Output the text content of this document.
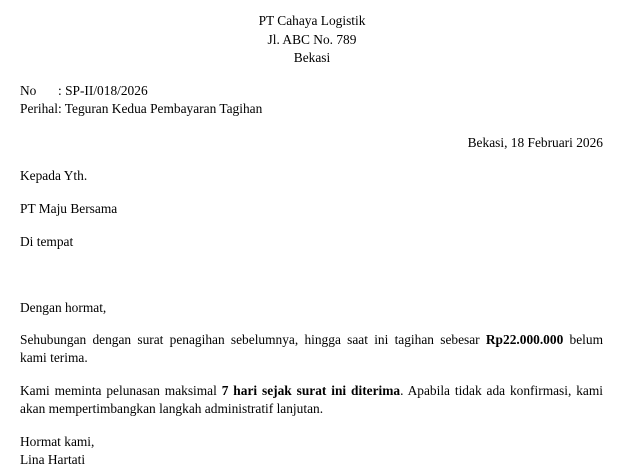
PT Cahaya Logistik
Jl. ABC No. 789
Bekasi
No : SP-II/018/2026
Perihal: Teguran Kedua Pembayaran Tagihan
Bekasi, 18 Februari 2026
Kepada Yth.
PT Maju Bersama
Di tempat
Dengan hormat,
Sehubungan dengan surat penagihan sebelumnya, hingga saat ini tagihan sebesar Rp22.000.000 belum
kami terima.
Kami meminta pelunasan maksimal 7 hari sejak surat ini diterima. Apabila tidak ada konfirmasi, kami
akan mempertimbangkan langkah administratif lanjutan.
Hormat kami,
Lina Hartati
